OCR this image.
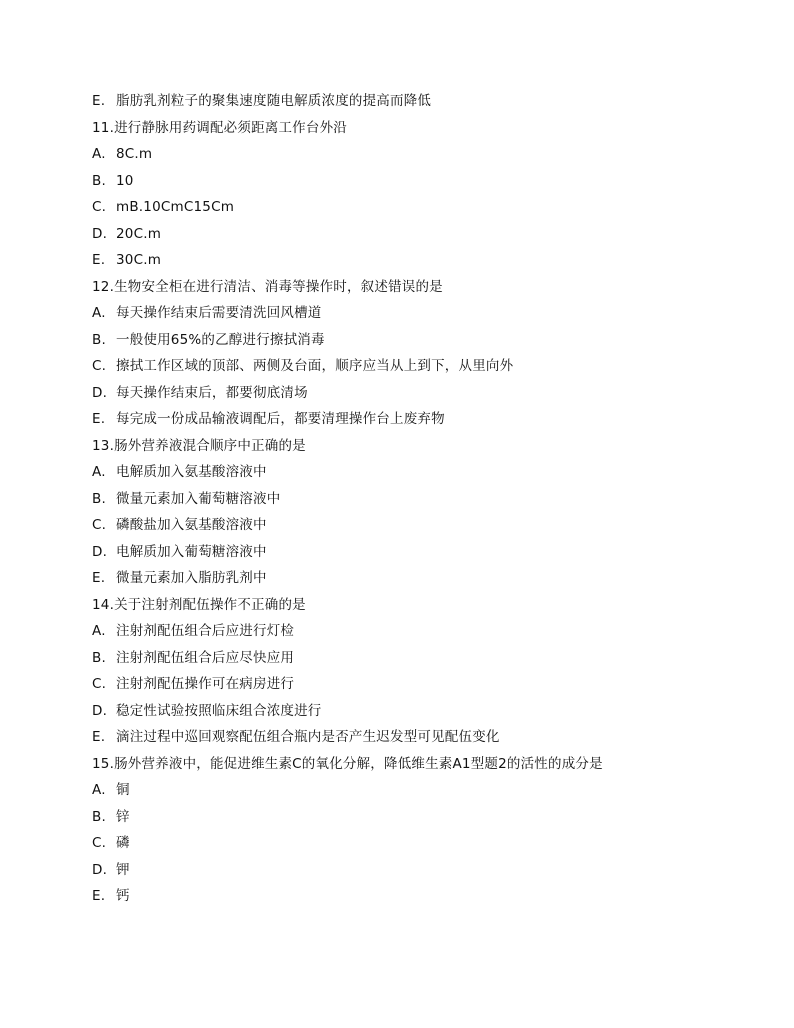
E. 脂肪乳剂粒子的聚集速度随电解质浓度的提高而降低
11.进行静脉用药调配必须距离工作台外沿
A. 8C.m
B. 10
C. mB.10CmC15Cm
D. 20C.m
E. 30C.m
12.生物安全柜在进行清洁、消毒等操作时，叙述错误的是
A. 每天操作结束后需要清洗回风槽道
B. 一般使用65%的乙醇进行擦拭消毒
C. 擦拭工作区域的顶部、两侧及台面，顺序应当从上到下，从里向外
D. 每天操作结束后，都要彻底清场
E. 每完成一份成品输液调配后，都要清理操作台上废弃物
13.肠外营养液混合顺序中正确的是
A. 电解质加入氨基酸溶液中
B. 微量元素加入葡萄糖溶液中
C. 磷酸盐加入氨基酸溶液中
D. 电解质加入葡萄糖溶液中
E. 微量元素加入脂肪乳剂中
14.关于注射剂配伍操作不正确的是
A. 注射剂配伍组合后应进行灯检
B. 注射剂配伍组合后应尽快应用
C. 注射剂配伍操作可在病房进行
D. 稳定性试验按照临床组合浓度进行
E. 滴注过程中巡回观察配伍组合瓶内是否产生迟发型可见配伍变化
15.肠外营养液中，能促进维生素C的氧化分解，降低维生素A1型题2的活性的成分是
A. 铜
B. 锌
C. 磷
D. 钾
E. 钙
